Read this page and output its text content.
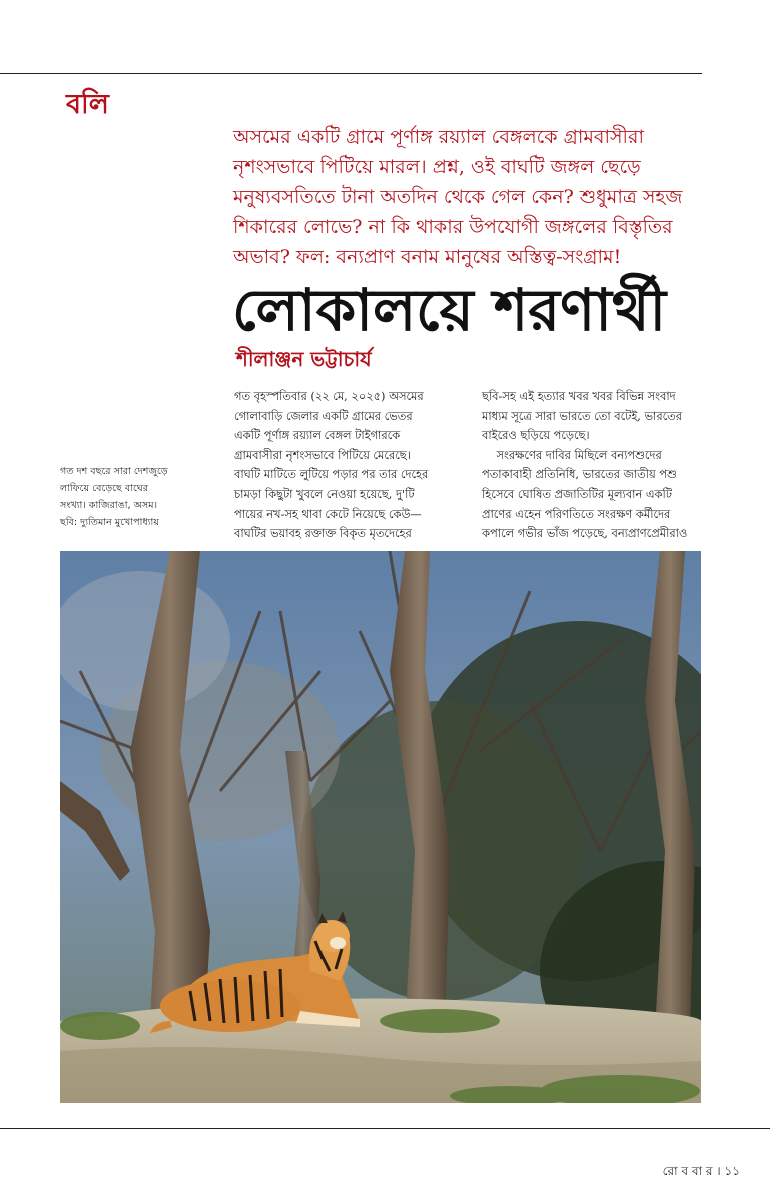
বলি

অসমের একটি গ্রামে পূর্ণাঙ্গ রয়্যাল বেঙ্গলকে গ্রামবাসীরা

নৃশংসভাবে পিটিয়ে মারল। প্রশ্ন, ওই বাঘটি জঙ্গল ছেড়ে

মনুষ্যবসতিতে টানা অতদিন থেকে গেল কেন? শুধুমাত্র সহজ

শিকারের লোভে? না কি থাকার উপযোগী জঙ্গলের বিস্তৃতির

অভাব? ফল: বন্যপ্রাণ বনাম মানুষের অস্তিত্ব-সংগ্রাম!

লোকালয়ে শরণার্থী
শীলাঞ্জন ভট্টাচার্য

গত বৃহস্পতিবার (২২ মে, ২০২৫) অসমের

গোলাবাড়ি জেলার একটি গ্রামের ভেতর

একটি পূর্ণাঙ্গ রয়্যাল বেঙ্গল টাইগারকে

গ্রামবাসীরা নৃশংসভাবে পিটিয়ে মেরেছে।

বাঘটি মাটিতে লুটিয়ে পড়ার পর তার দেহের

চামড়া কিছুটা খুবলে নেওয়া হয়েছে, দু'টি

পায়ের নখ-সহ থাবা কেটে নিয়েছে কেউ—

বাঘটির ভয়াবহ রক্তাক্ত বিকৃত মৃতদেহের

ছবি-সহ এই হত্যার খবর খবর বিভিন্ন সংবাদ

মাধ্যম সূত্রে সারা ভারতে তো বটেই, ভারতের

বাইরেও ছড়িয়ে পড়েছে।

সংরক্ষণের দাবির মিছিলে বন্যপশুদের

পতাকাবাহী প্রতিনিধি, ভারতের জাতীয় পশু

হিসেবে ঘোষিত প্রজাতিটির মূল্যবান একটি

প্রাণের এহেন পরিণতিতে সংরক্ষণ কর্মীদের

কপালে গভীর ভাঁজ পড়েছে, বন্যপ্রাণপ্রেমীরাও

গত দশ বছরে সারা দেশজুড়ে

লাফিয়ে বেড়েছে বাঘের

সংখ্যা। কাজিরাঙা, অসম।

ছবি: দ্যুতিমান মুখোপাধ্যায়

রো ব বা র । ১১
